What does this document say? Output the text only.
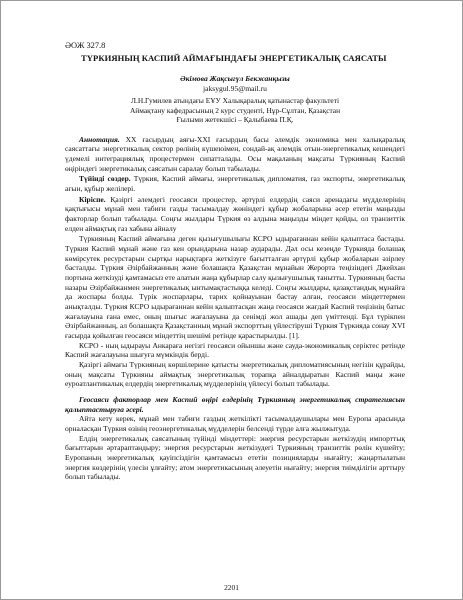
ӘОЖ 327.8

ТҮРКИЯНЫҢ КАСПИЙ АЙМАҒЫНДАҒЫ ЭНЕРГЕТИКАЛЫҚ САЯСАТЫ

Әкімова Жақсыгүл Бекжанқызы

jaksygul.95@mail.ru

Л.Н.Гумилев атындағы ЕҰУ Халықаралық қатынастар факультеті

Аймақтану кафедрасының 2 курс студенті, Нұр-Сұлтан, Қазақстан

Ғылыми жетекшісі – Қалыбаева П.Қ.

Аннотация. ХХ ғасырдың аяғы-ХХІ ғасырдың басы әлемдік экономика мен халықаралық саясаттағы энергетикалық сектор рөлінің күшеюімен, сондай-ақ әлемдік отын-энергетикалық кешендегі үдемелі интеграциялық процестермен сипатталады. Осы мақаланың мақсаты Түркияның Каспий өңіріндегі энергетикалық саясатын саралау болып табылады.

Түйінді сөздер. Түркия, Каспий аймағы, энергетикалық дипломатия, газ экспорты, энергетикалық ағын, құбыр желілері.

Кіріспе. Қазіргі әлемдегі геосаяси процестер, әртүрлі елдердің саяси аренадағы мүдделерінің қақтығысы мұнай мен табиғи газды тасымалдау жөніндегі құбыр жобаларына әсер ететін маңызды факторлар болып табылады. Соңғы жылдары Түркия өз алдына маңызды міндет қойды, ол транзиттік елден аймақтық газ хабына айналу

Түркияның Каспий аймағына деген қызығушылығы КСРО ыдырағаннан кейін қалыптаса бастады. Түркия Каспий мұнай және газ кен орындарына назар аударады. Дәл осы кезеңде Түркияда болашақ көмірсутек ресурстарын сыртқы нарықтарға жеткізуге бағытталған әртүрлі құбыр жобаларын әзірлеу басталды. Түркия Әзірбайжанның және болашақта Қазақстан мұнайын Жерорта теңізіндегі Джейхан портына жеткізуді қамтамасыз ете алатын жаңа құбырлар салу қызығушылық танытты. Түркияның басты назары Әзірбайжанмен энергетикалық ынтымақтастыққа келеді. Соңғы жылдары, қазақстандық мұнайға да жоспары болды. Түрік жоспарлары, тарих қойнауынан бастау алған, геосаяси міндеттермен анықталды. Түркия КСРО ыдырағаннан кейін қалыптасқан жаңа геосаяси жағдай Каспий теңізінің батыс жағалауына ғана емес, оның шығыс жағалауына да сенімді жол ашады деп үміттенді. Бұл түрікпен Әзірбайжанның, ал болашақта Қазақстанның мұнай экспорттың үйлестіруші Түркия Түркияда сонау XVI ғасырда қойылған геосаяси міндеттің шешімі ретінде қарастырылды. [1].

КСРО - ның ыдырауы Анкараға негізгі геосаяси ойыншы және сауда-экономикалық серіктес ретінде Каспий жағалауына шығуға мүмкіндік берді.

Қазіргі аймағы Түркияның көршілерине қатысты энергетикалық дипломатиясының негізін құрайды, оның мақсаты Түркияны аймақтық энергетикалық торапқа айналдыратын Каспий маңы және еуроатлантикалық елдердің энергетикалық мүдделерінің үйлесуі болып табылады.

Геосаяси факторлар мен Каспий өңірі елдерінің Түркияның энергетикалық стратегиясын қалыптастыруға әсері.

Айта кету керек, мұнай мен табиғи газдың жеткілікті тасымалдаушылары мен Еуропа арасында орналасқан Түркия өзінің геоэнергетикалық мүдделерін белсенді түрде алға жылжытуда.

Елдің энергетикалық саясатының түйінді міндеттері: энергия ресурстарын жеткізудің импорттық бағыттарын әртараптандыру; энергия ресурстарын жеткізудегі Түркияның транзиттік рөлін күшейту; Еуропаның энергетикалық қауіпсіздігін қамтамасыз ететін позицияларды нығайту; жаңартылатын энергия көздерінің үлесін ұлғайту; атом энергетикасының әлеуетін нығайту; энергия тиімділігін арттыру болып табылады.

2201
